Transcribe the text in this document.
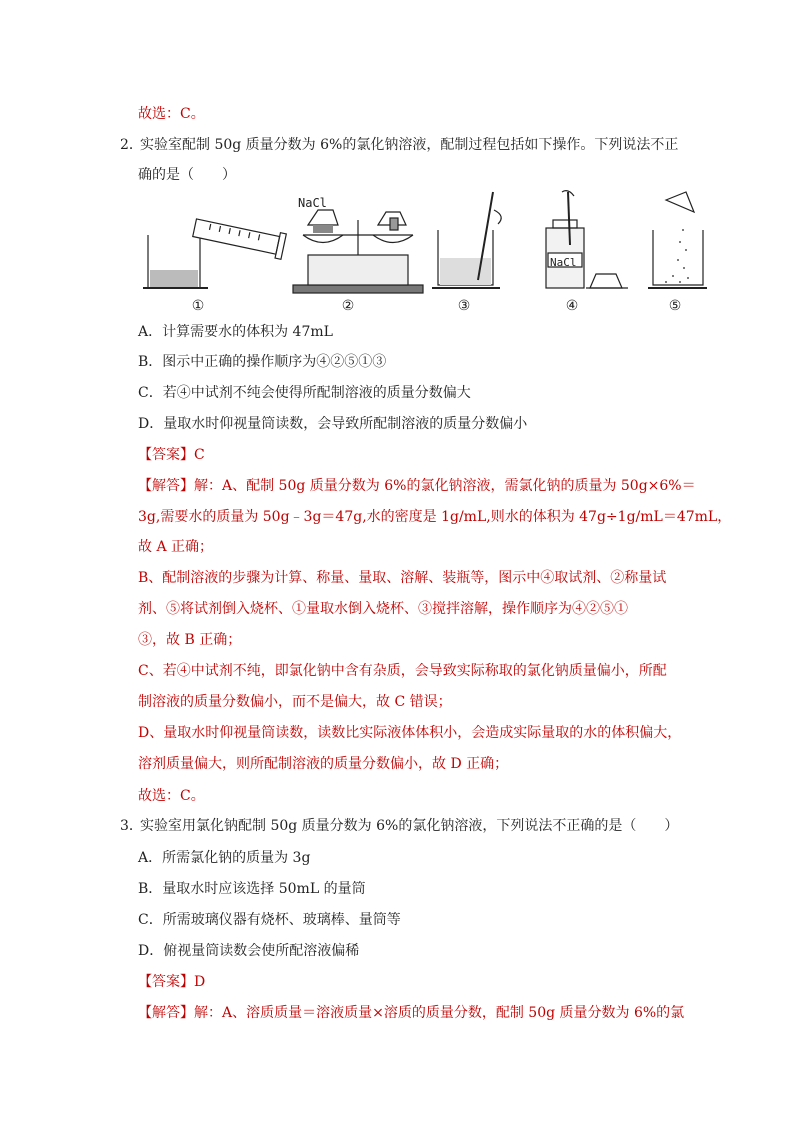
故选：C。
2．
实验室配制 50g 质量分数为 6%的氯化钠溶液，配制过程包括如下操作。下列说法不正
确的是（　　）
NaCl
NaCl
①	②	③	④	⑤
A．计算需要水的体积为 47mL
B．图示中正确的操作顺序为④②⑤①③
C．若④中试剂不纯会使得所配制溶液的质量分数偏大
D．量取水时仰视量筒读数，会导致所配制溶液的质量分数偏小
【答案】C
【解答】解：A、配制 50g 质量分数为 6%的氯化钠溶液，需氯化钠的质量为 50g×6%＝
3g,需要水的质量为 50g﹣3g＝47g,水的密度是 1g/mL,则水的体积为 47g÷1g/mL＝47mL，
故 A 正确；
B、配制溶液的步骤为计算、称量、量取、溶解、装瓶等，图示中④取试剂、②称量试
剂、⑤将试剂倒入烧杯、①量取水倒入烧杯、③搅拌溶解，操作顺序为④②⑤①
③，故 B 正确；
C、若④中试剂不纯，即氯化钠中含有杂质，会导致实际称取的氯化钠质量偏小，所配
制溶液的质量分数偏小，而不是偏大，故 C 错误；
D、量取水时仰视量筒读数，读数比实际液体体积小，会造成实际量取的水的体积偏大，
溶剂质量偏大，则所配制溶液的质量分数偏小，故 D 正确；
故选：C。
3．
实验室用氯化钠配制 50g 质量分数为 6%的氯化钠溶液，下列说法不正确的是（　　）
A．所需氯化钠的质量为 3g
B．量取水时应该选择 50mL 的量筒
C．所需玻璃仪器有烧杯、玻璃棒、量筒等
D．俯视量筒读数会使所配溶液偏稀
【答案】D
【解答】解：A、溶质质量＝溶液质量×溶质的质量分数，配制 50g 质量分数为 6%的氯
